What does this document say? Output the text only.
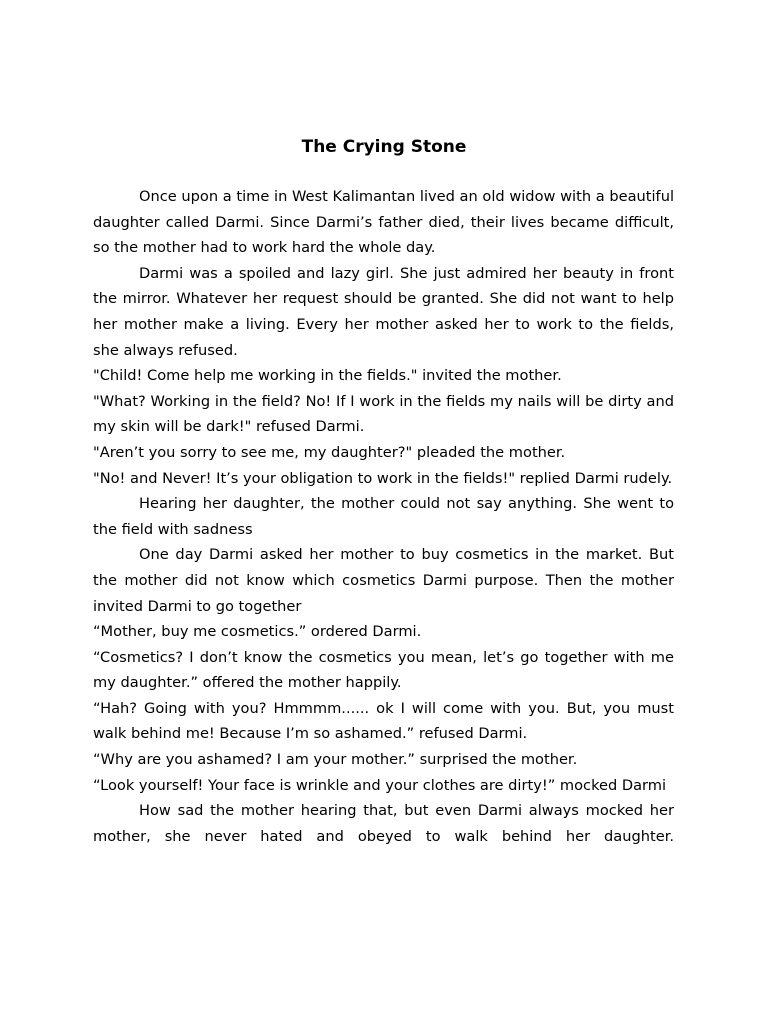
The Crying Stone

Once upon a time in West Kalimantan lived an old widow with a beautiful daughter called Darmi. Since Darmi’s father died, their lives became difficult, so the mother had to work hard the whole day.

Darmi was a spoiled and lazy girl. She just admired her beauty in front the mirror. Whatever her request should be granted. She did not want to help her mother make a living. Every her mother asked her to work to the fields, she always refused.

"Child! Come help me working in the fields." invited the mother.

"What? Working in the field? No! If I work in the fields my nails will be dirty and my skin will be dark!" refused Darmi.

"Aren’t you sorry to see me, my daughter?" pleaded the mother.

"No! and Never! It’s your obligation to work in the fields!" replied Darmi rudely.

Hearing her daughter, the mother could not say anything. She went to the field with sadness

One day Darmi asked her mother to buy cosmetics in the market. But the mother did not know which cosmetics Darmi purpose. Then the mother invited Darmi to go together

“Mother, buy me cosmetics.” ordered Darmi.

“Cosmetics? I don’t know the cosmetics you mean, let’s go together with me my daughter.” offered the mother happily.

“Hah? Going with you? Hmmmm...... ok I will come with you. But, you must walk behind me! Because I’m so ashamed.” refused Darmi.

“Why are you ashamed? I am your mother.” surprised the mother.

“Look yourself! Your face is wrinkle and your clothes are dirty!” mocked Darmi

How sad the mother hearing that, but even Darmi always mocked her mother, she never hated and obeyed to walk behind her daughter.
